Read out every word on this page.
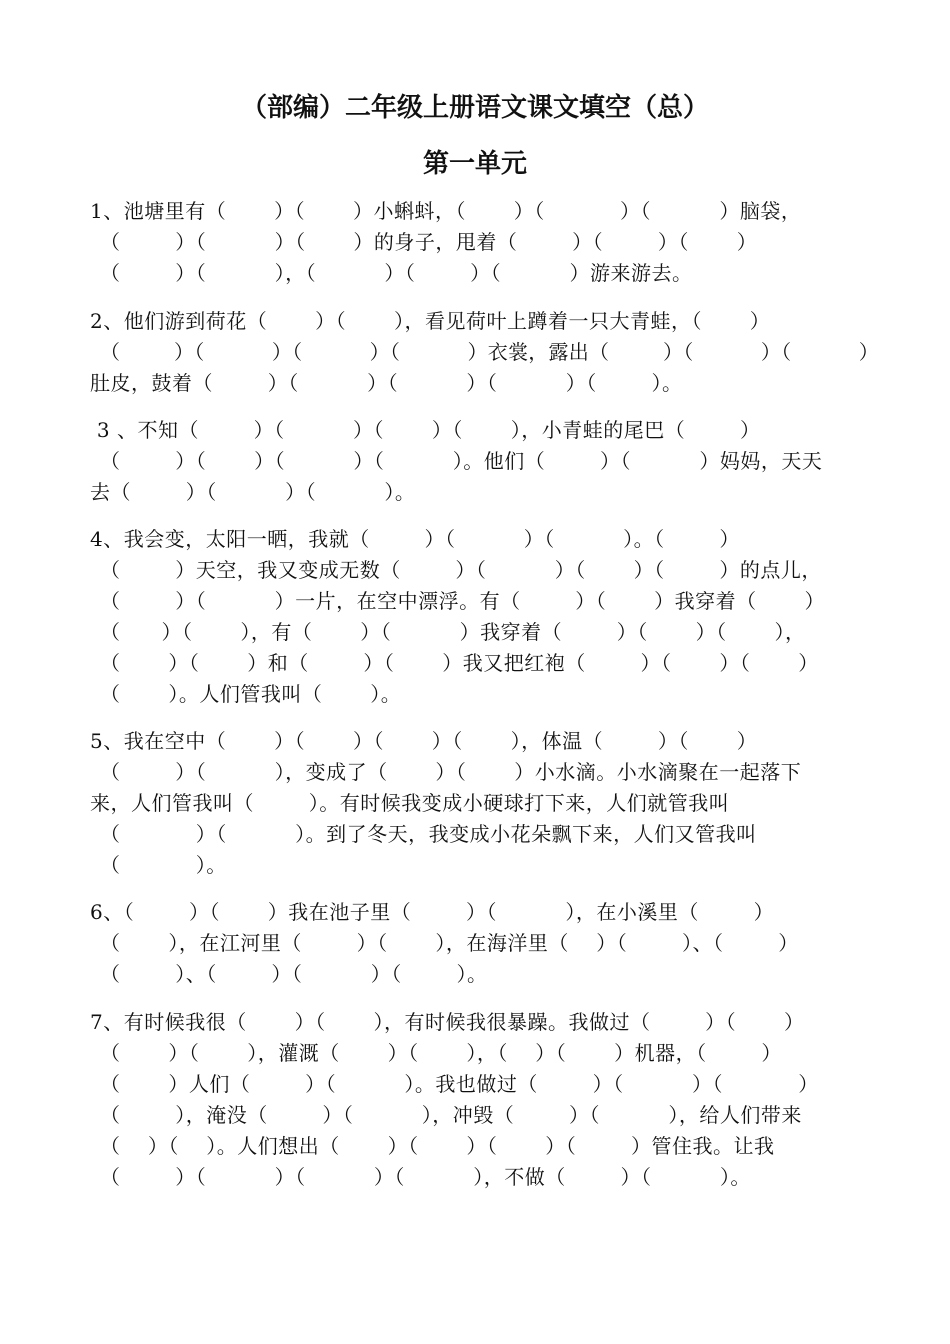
（部编）二年级上册语文课文填空（总）
第一单元
1、池塘里有（　 　）（　　 ）小蝌蚪，（　 　）（　 　 　）（　　 　）脑袋，
（　 　 ）（　　 　）（　　 ）的身子，甩着（　 　 ）（　 　 ）（　　 ）
（　 　 ）（　　 　），（　　 　）（　 　 ）（　　 　）游来游去。
2、他们游到荷花（　 　）（　 　），看见荷叶上蹲着一只大青蛙，（　 　）
（　 　 ）（　　 　）（　　 　）（　　 　）衣裳，露出（　 　 ）（　　 　）（　　 　）
肚皮，鼓着（　 　 ）（　　 　）（　　 　）（　　 　）（　 　 ）。
3 、不知（　 　 ）（　　 　）（　 　）（　 　），小青蛙的尾巴（　 　 ）
（　 　 ）（　 　）（　　 　）（　　 　）。他们（　 　 ）（　　 　）妈妈，天天
去（　 　 ）（　　 　）（　　 　）。
4、我会变，太阳一晒，我就（　 　 ）（　　 　）（　　 　）。（　 　 ）
（　 　 ）天空，我又变成无数（　 　 ）（　　 　）（　 　）（　 　 ）的点儿，
（　 　 ）（　　 　）一片，在空中漂浮。有（　 　 ）（　　 ）我穿着（　 　）
（　　）（　 　），有（　 　）（　　 　）我穿着（　 　 ）（　　 ）（　 　），
（　 　）（　 　）和（　 　 ）（　 　）我又把红袍（　 　 ）（　　 ）（　 　）
（　 　）。人们管我叫（　 　）。
5、我在空中（　 　）（　 　）（　 　）（　 　），体温（　 　 ）（　　 ）
（　 　 ）（　　 　），变成了（　 　）（　 　）小水滴。小水滴聚在一起落下
来，人们管我叫（　 　 ）。有时候我变成小硬球打下来，人们就管我叫
（　 　 　）（　　 　）。到了冬天，我变成小花朵飘下来，人们又管我叫
（　 　 　）。
6、（　 　 ）（　 　）我在池子里（　 　 ）（　　 　），在小溪里（　 　 ）
（　 　），在江河里（　 　 ）（　　 ），在海洋里（　 ）（　 　 ）、（　 　 ）
（　 　 ）、（　 　 ）（　　 　）（　 　 ）。
7、有时候我很（　 　）（　 　），有时候我很暴躁。我做过（　 　 ）（　 　）
（　 　）（　 　），灌溉（　 　）（　 　），（　 ）（　 　）机器，（　 　 ）
（　 　）人们（　 　 ）（　　 　）。我也做过（　 　 ）（　　 　）（　　 　 ）
（　 　 ），淹没（　 　 ）（　　 　），冲毁（　 　 ）（　　 　），给人们带来
（　 ）（　 ）。人们想出（　 　）（　 　）（　 　）（　 　 ）管住我。让我
（　 　 ）（　　 　）（　　 　）（　　 　），不做（　 　 ）（　　 　）。
